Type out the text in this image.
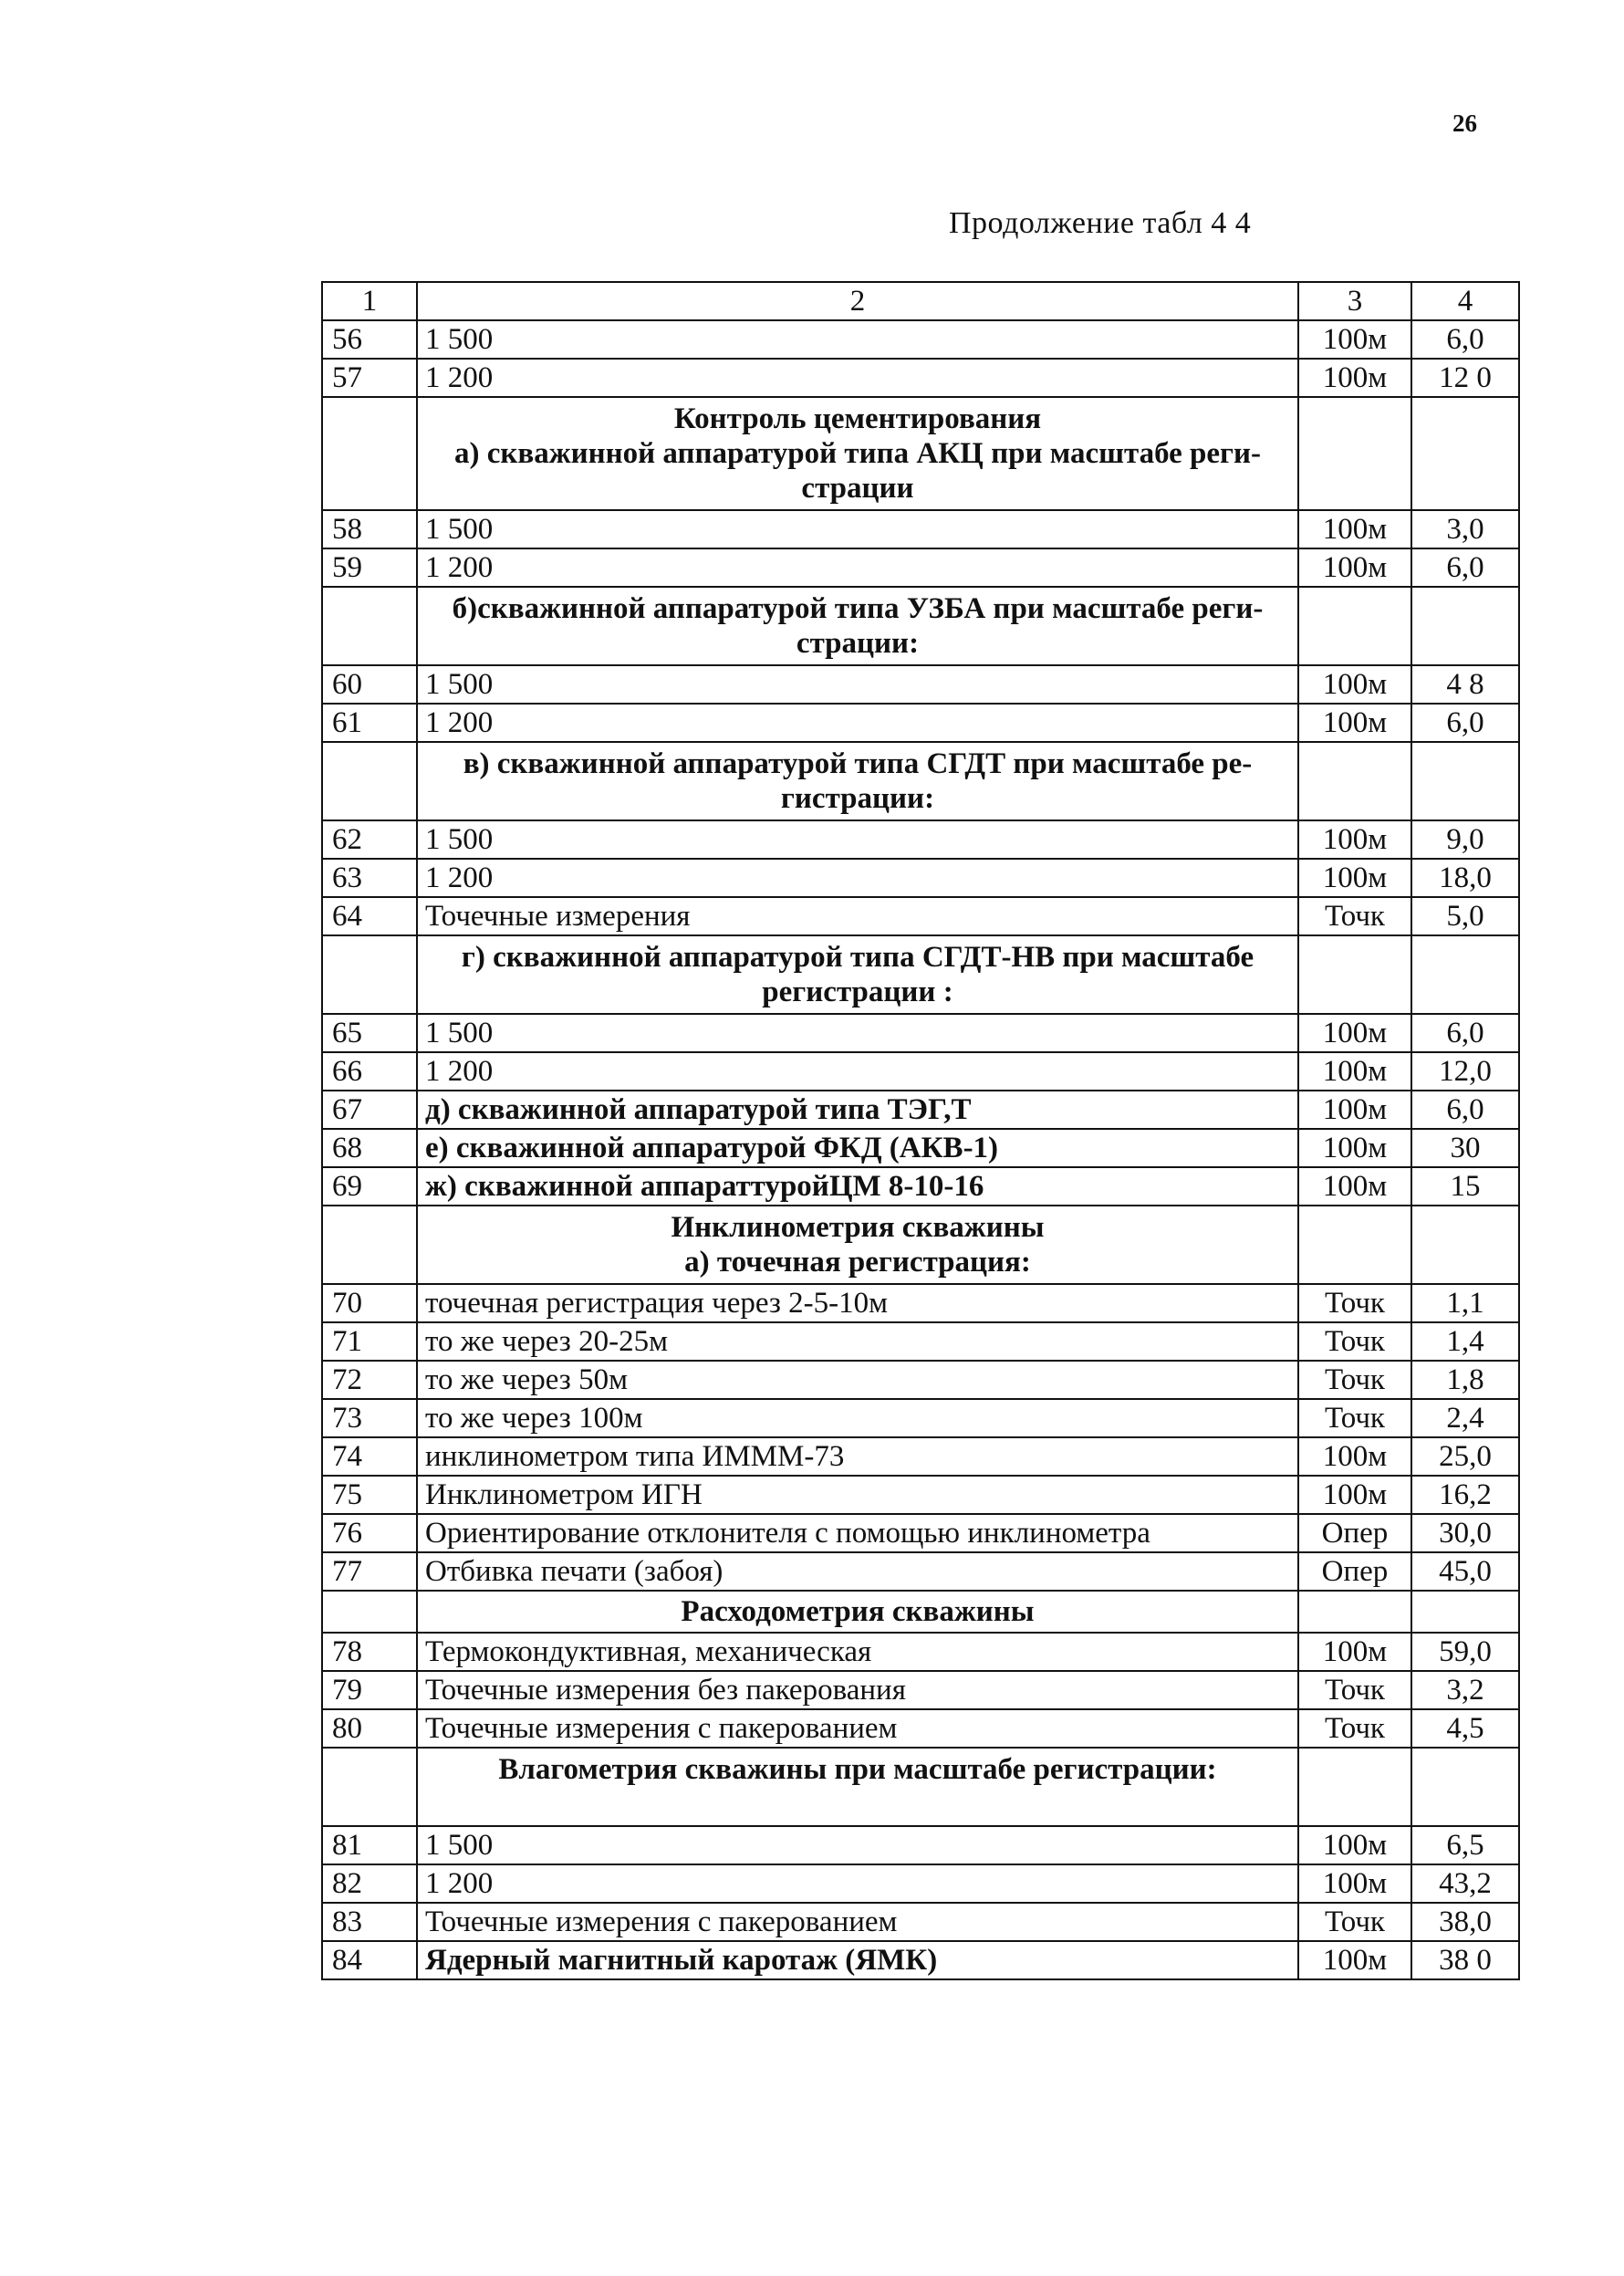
26
Продолжение табл 4 4
1	2	3	4
56	1 500	100м	6,0
57	1 200	100м	12 0

	Контроль цементирования
а) скважинной аппаратурой типа АКЦ при масштабе реги-
страции		

58	1 500	100м	3,0
59	1 200	100м	6,0

	б)скважинной аппаратурой типа УЗБА при масштабе реги-
страции:		

60	1 500	100м	4 8
61	1 200	100м	6,0

	в) скважинной аппаратурой типа СГДТ при масштабе ре-
гистрации:		

62	1 500	100м	9,0
63	1 200	100м	18,0
64	Точечные измерения	Точк	5,0

	г) скважинной аппаратурой типа СГДТ-НВ при масштабе
регистрации :		

65	1 500	100м	6,0
66	1 200	100м	12,0
67	д) скважинной аппаратурой типа ТЭГ,Т	100м	6,0
68	е) скважинной аппаратурой ФКД (АКВ-1)	100м	30
69	ж) скважинной аппараттуройЦМ 8-10-16	100м	15

	Инклинометрия скважины
а) точечная регистрация:		

70	точечная регистрация через 2-5-10м	Точк	1,1
71	то же через 20-25м	Точк	1,4
72	то же через 50м	Точк	1,8
73	то же через 100м	Точк	2,4
74	инклинометром типа ИМММ-73	100м	25,0
75	Инклинометром ИГН	100м	16,2
76	Ориентирование отклонителя с помощью инклинометра	Опер	30,0
77	Отбивка печати (забоя)	Опер	45,0

	Расходометрия скважины		

78	Термокондуктивная, механическая	100м	59,0
79	Точечные измерения без пакерования	Точк	3,2
80	Точечные измерения с пакерованием	Точк	4,5

	Влагометрия скважины при масштабе регистрации:		

81	1 500	100м	6,5
82	1 200	100м	43,2
83	Точечные измерения с пакерованием	Точк	38,0
84	Ядерный магнитный каротаж (ЯМК)	100м	38 0
